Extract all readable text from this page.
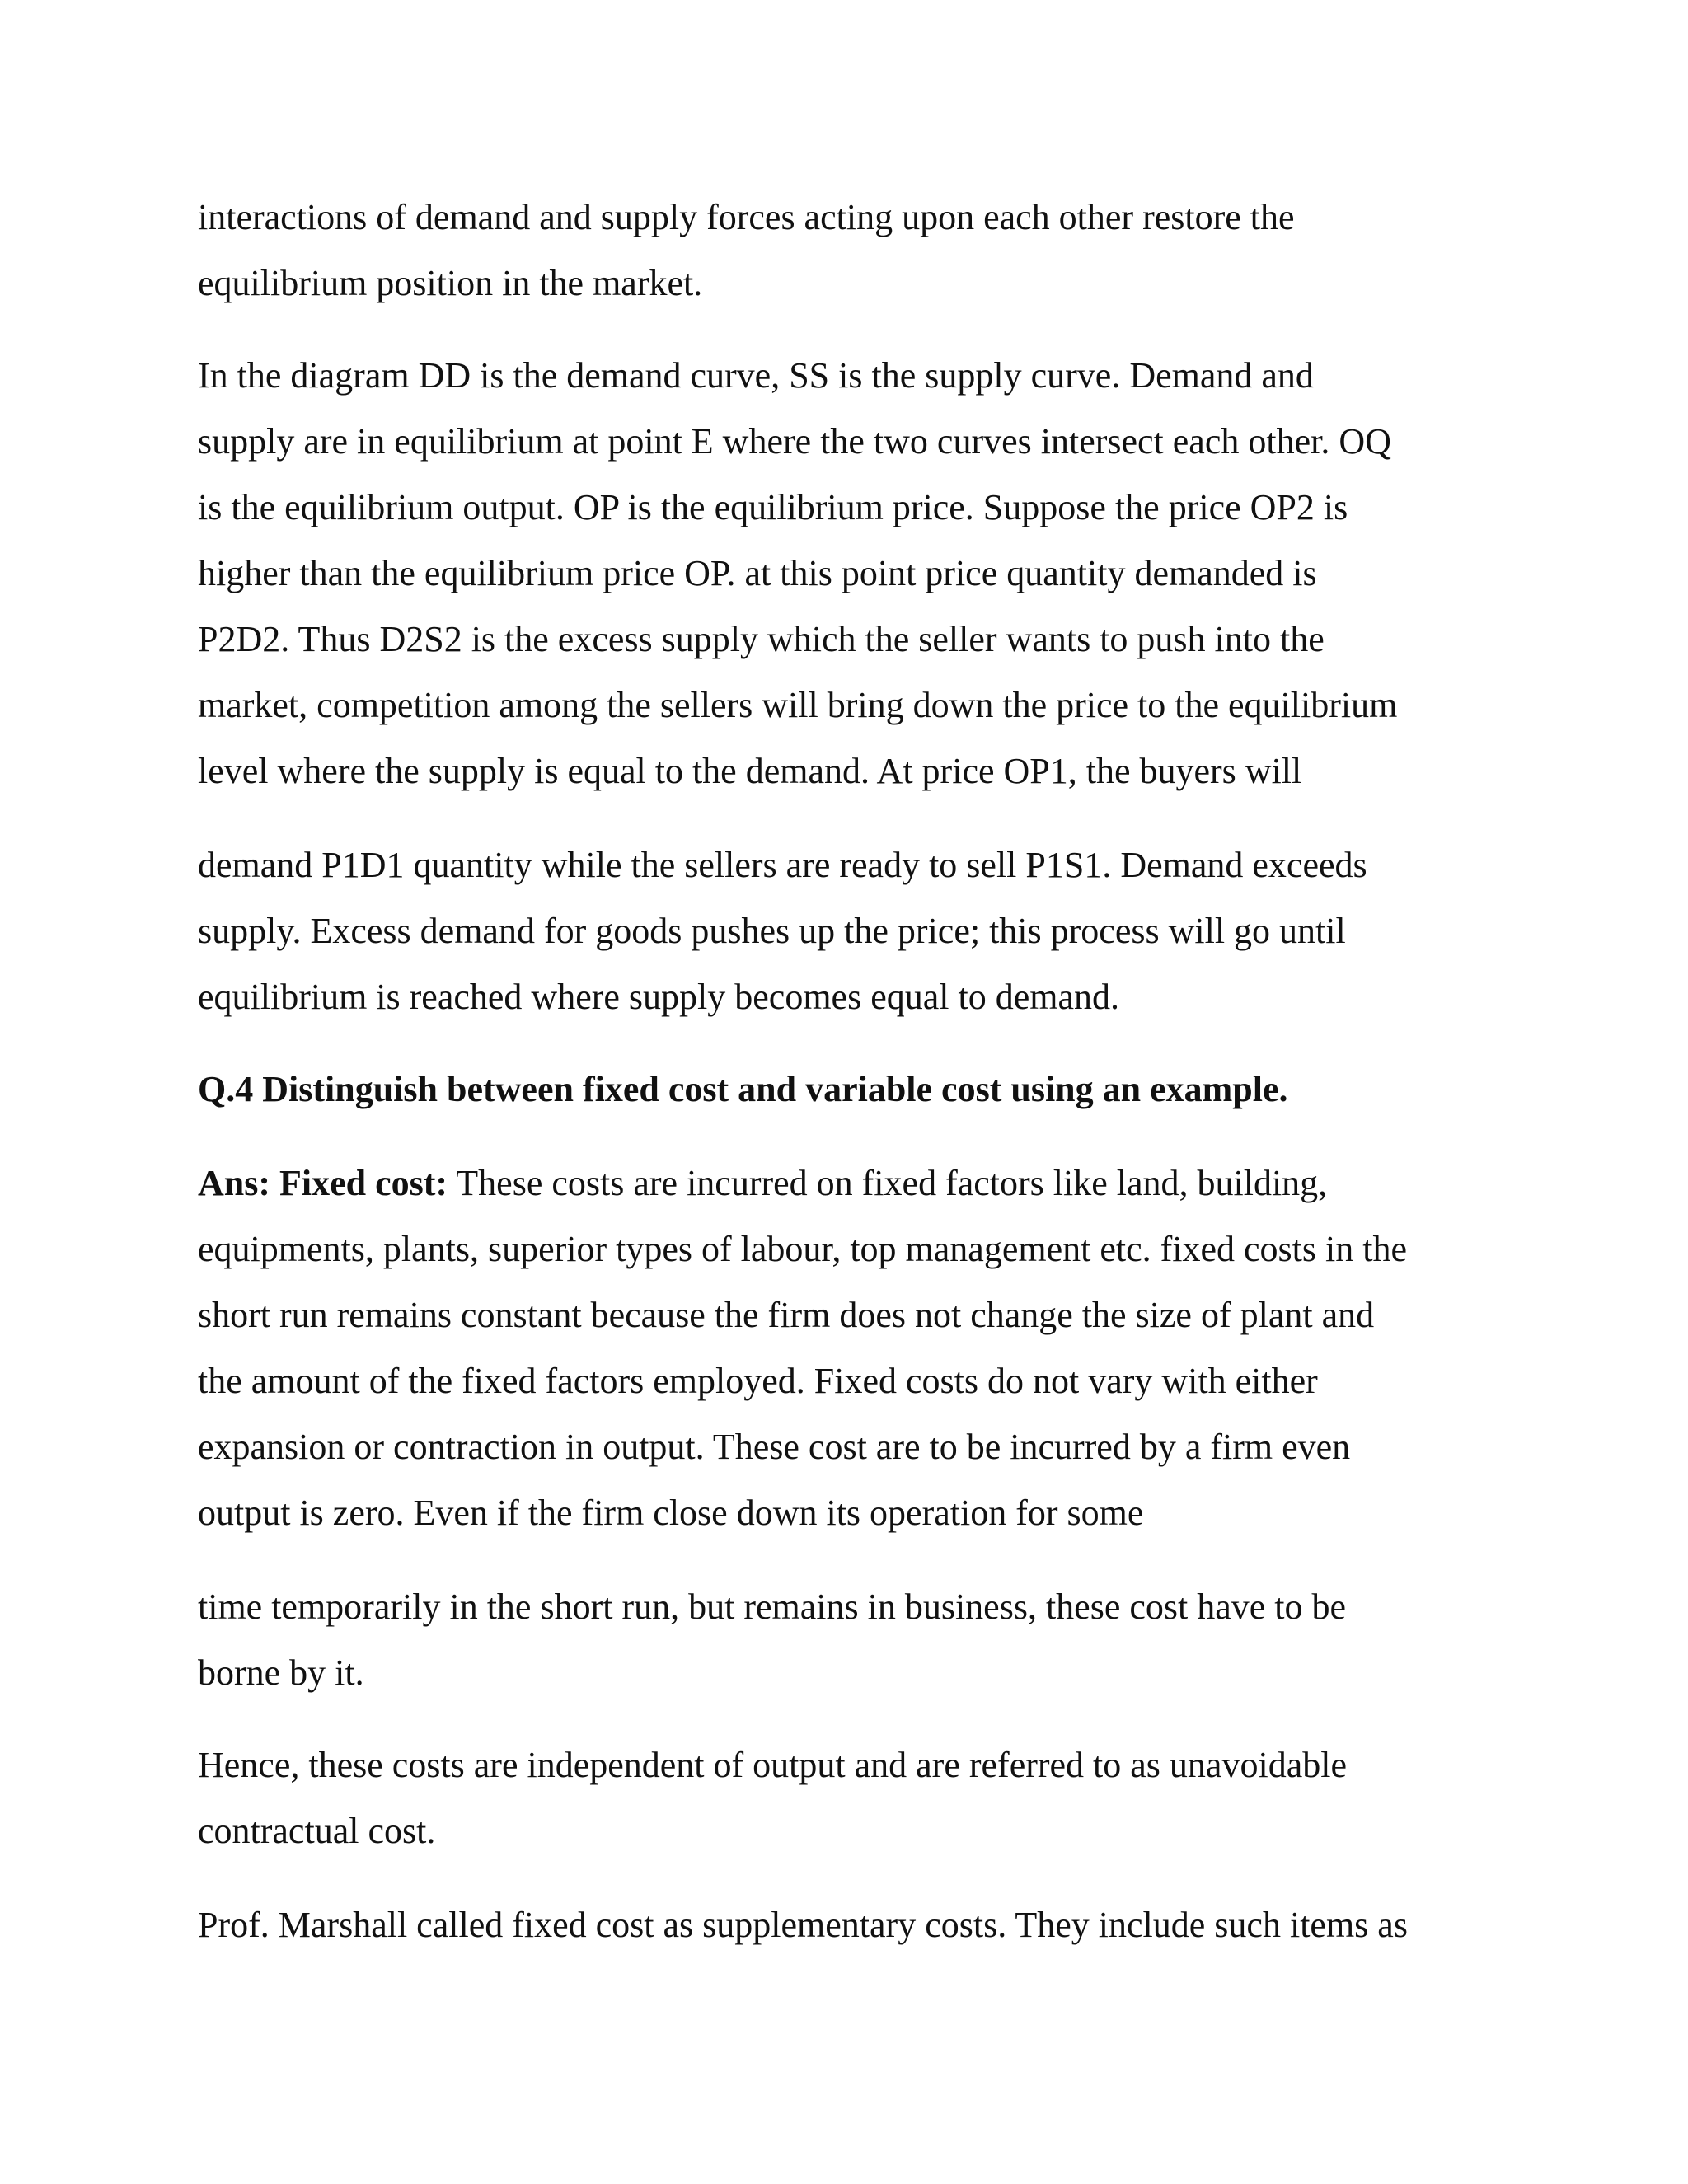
interactions of demand and supply forces acting upon each other restore the
equilibrium position in the market.
In the diagram DD is the demand curve, SS is the supply curve. Demand and
supply are in equilibrium at point E where the two curves intersect each other. OQ
is the equilibrium output. OP is the equilibrium price. Suppose the price OP2 is
higher than the equilibrium price OP. at this point price quantity demanded is
P2D2. Thus D2S2 is the excess supply which the seller wants to push into the
market, competition among the sellers will bring down the price to the equilibrium
level where the supply is equal to the demand. At price OP1, the buyers will
demand P1D1 quantity while the sellers are ready to sell P1S1. Demand exceeds
supply. Excess demand for goods pushes up the price; this process will go until
equilibrium is reached where supply becomes equal to demand.
Q.4 Distinguish between fixed cost and variable cost using an example.
Ans: Fixed cost: These costs are incurred on fixed factors like land, building,
equipments, plants, superior types of labour, top management etc. fixed costs in the
short run remains constant because the firm does not change the size of plant and
the amount of the fixed factors employed. Fixed costs do not vary with either
expansion or contraction in output. These cost are to be incurred by a firm even
output is zero. Even if the firm close down its operation for some
time temporarily in the short run, but remains in business, these cost have to be
borne by it.
Hence, these costs are independent of output and are referred to as unavoidable
contractual cost.
Prof. Marshall called fixed cost as supplementary costs. They include such items as
